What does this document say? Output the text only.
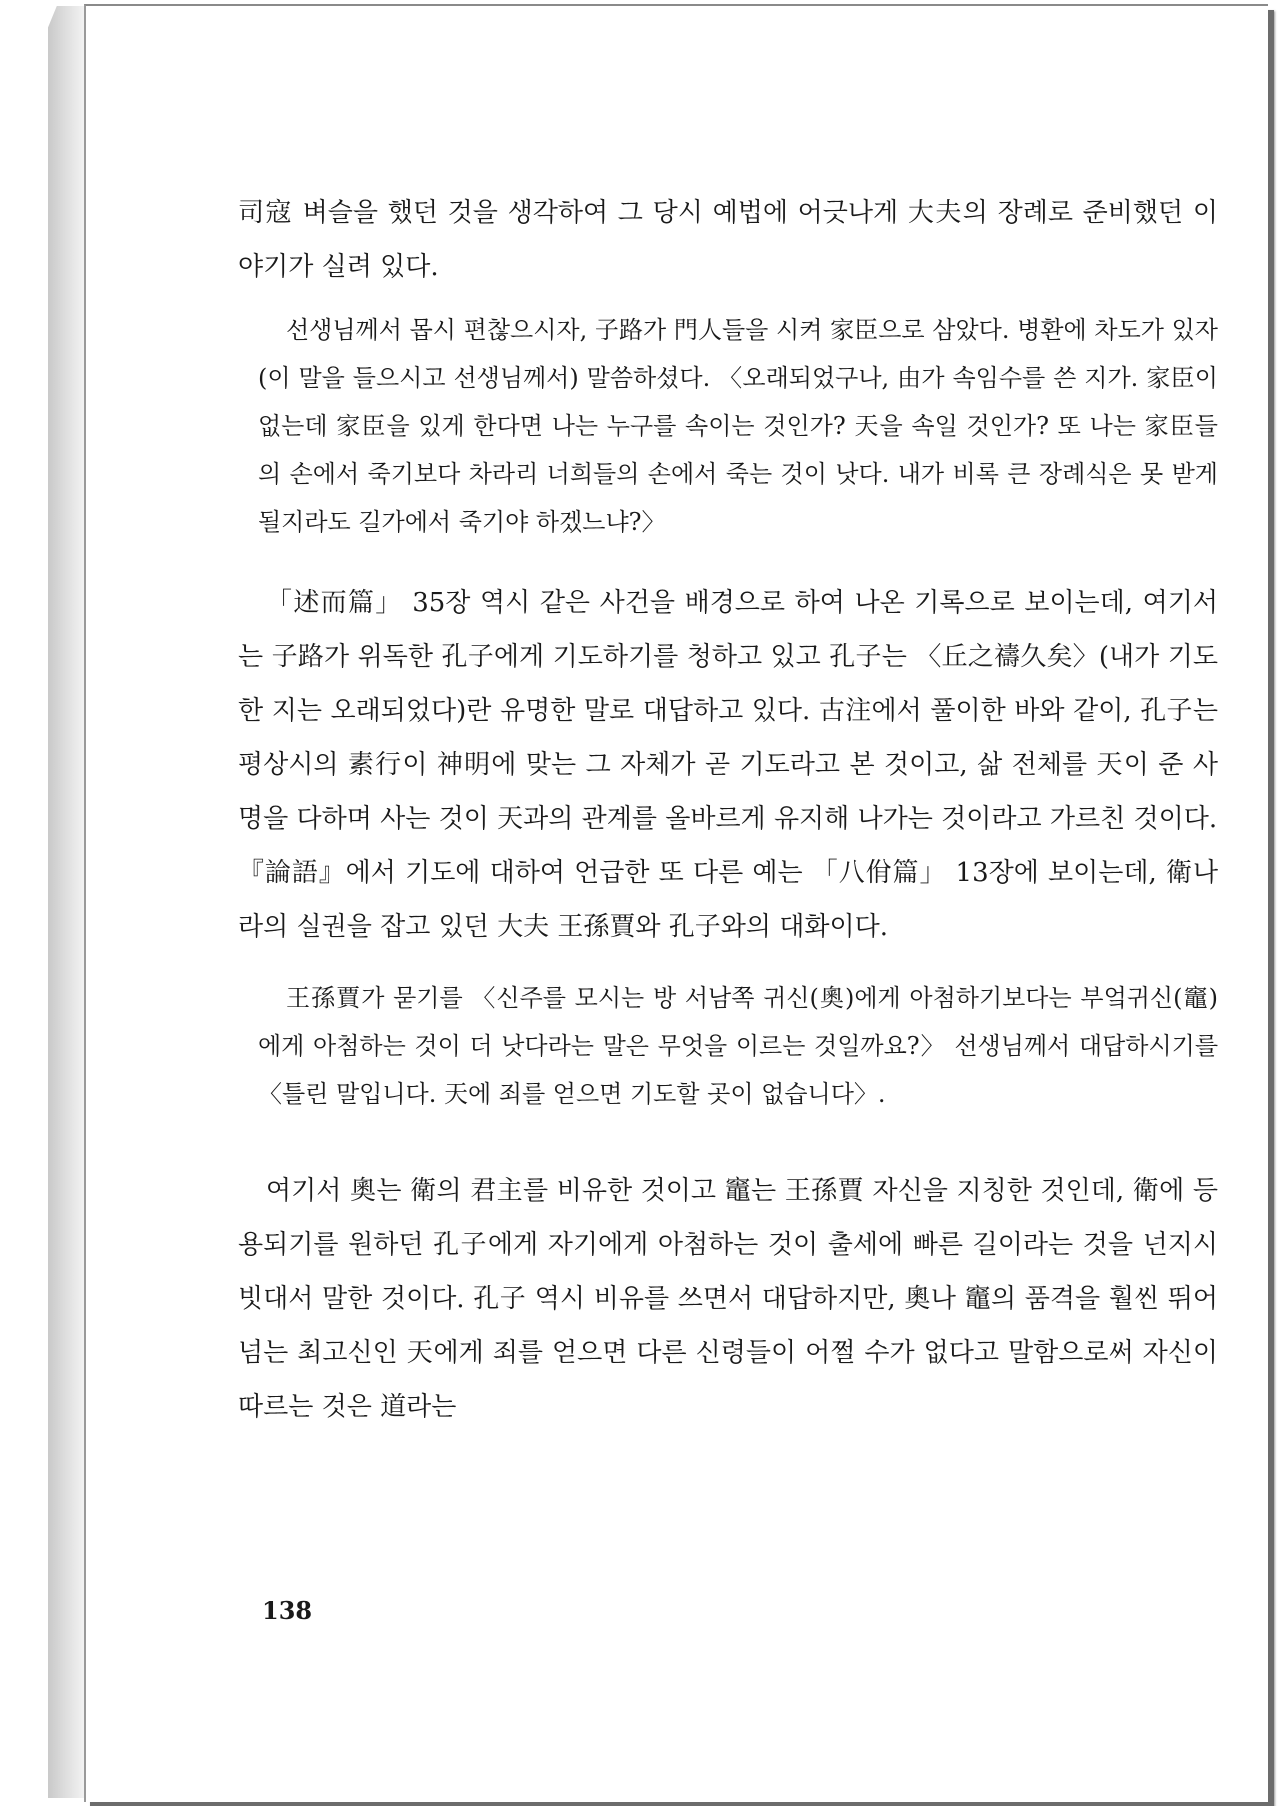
司寇 벼슬을 했던 것을 생각하여 그 당시 예법에 어긋나게 大夫의 장례로 준비했던 이야기가 실려 있다.

선생님께서 몹시 편찮으시자, 子路가 門人들을 시켜 家臣으로 삼았다. 병환에 차도가 있자 (이 말을 들으시고 선생님께서) 말씀하셨다. 〈오래되었구나, 由가 속임수를 쓴 지가. 家臣이 없는데 家臣을 있게 한다면 나는 누구를 속이는 것인가? 天을 속일 것인가? 또 나는 家臣들의 손에서 죽기보다 차라리 너희들의 손에서 죽는 것이 낫다. 내가 비록 큰 장례식은 못 받게 될지라도 길가에서 죽기야 하겠느냐?〉

「述而篇」 35장 역시 같은 사건을 배경으로 하여 나온 기록으로 보이는데, 여기서는 子路가 위독한 孔子에게 기도하기를 청하고 있고 孔子는 〈丘之禱久矣〉(내가 기도한 지는 오래되었다)란 유명한 말로 대답하고 있다. 古注에서 풀이한 바와 같이, 孔子는 평상시의 素行이 神明에 맞는 그 자체가 곧 기도라고 본 것이고, 삶 전체를 天이 준 사명을 다하며 사는 것이 天과의 관계를 올바르게 유지해 나가는 것이라고 가르친 것이다.

『論語』에서 기도에 대하여 언급한 또 다른 예는 「八佾篇」 13장에 보이는데, 衛나라의 실권을 잡고 있던 大夫 王孫賈와 孔子와의 대화이다.

王孫賈가 묻기를 〈신주를 모시는 방 서남쪽 귀신(奧)에게 아첨하기보다는 부엌귀신(竈)에게 아첨하는 것이 더 낫다라는 말은 무엇을 이르는 것일까요?〉 선생님께서 대답하시기를 〈틀린 말입니다. 天에 죄를 얻으면 기도할 곳이 없습니다〉.

여기서 奧는 衛의 君主를 비유한 것이고 竈는 王孫賈 자신을 지칭한 것인데, 衛에 등용되기를 원하던 孔子에게 자기에게 아첨하는 것이 출세에 빠른 길이라는 것을 넌지시 빗대서 말한 것이다. 孔子 역시 비유를 쓰면서 대답하지만, 奧나 竈의 품격을 훨씬 뛰어 넘는 최고신인 天에게 죄를 얻으면 다른 신령들이 어쩔 수가 없다고 말함으로써 자신이 따르는 것은 道라는

138
